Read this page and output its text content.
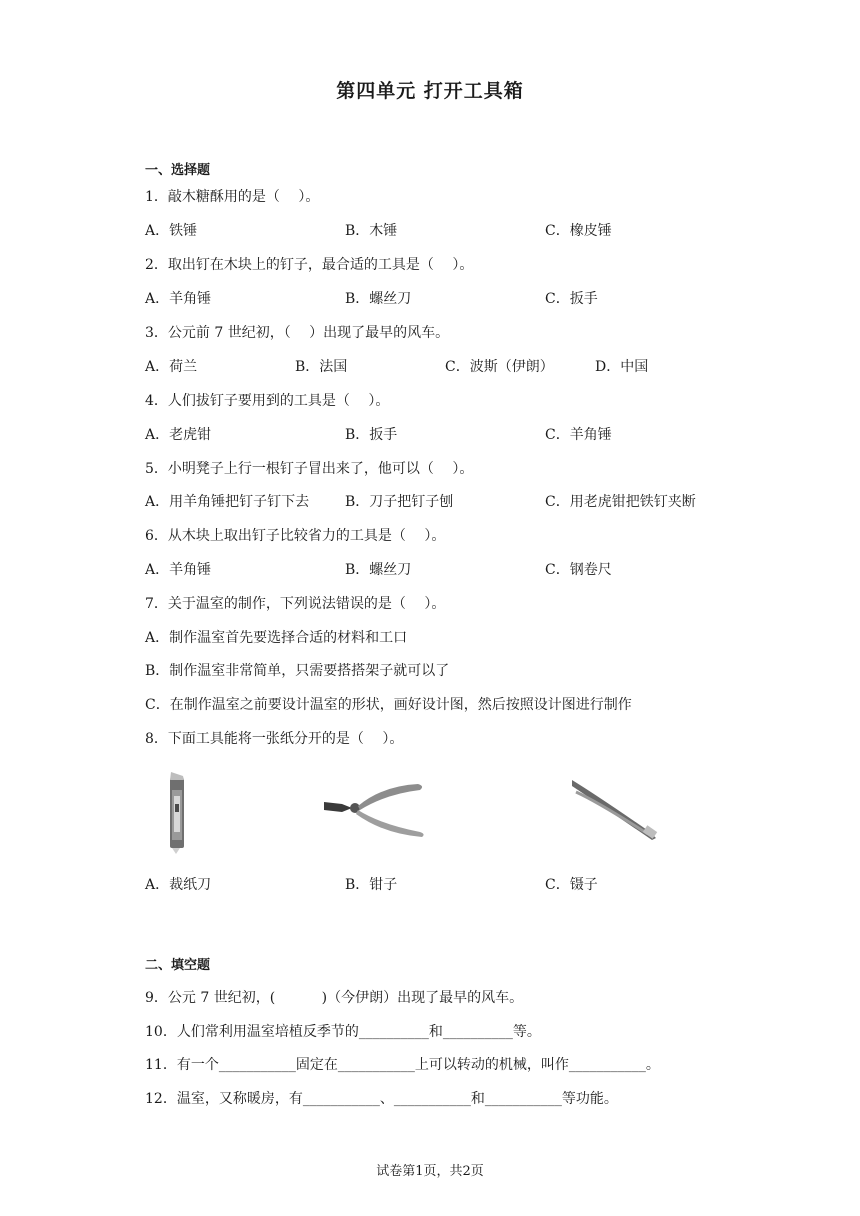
第四单元 打开工具箱
一、选择题
1．敲木糖酥用的是（　 ）。
A．铁锤	B．木锤	C．橡皮锤
2．取出钉在木块上的钉子，最合适的工具是（　 ）。
A．羊角锤	B．螺丝刀	C．扳手
3．公元前 7 世纪初，（　 ）出现了最早的风车。
A．荷兰	B．法国	C．波斯（伊朗）	D．中国
4．人们拔钉子要用到的工具是（　 ）。
A．老虎钳	B．扳手	C．羊角锤
5．小明凳子上行一根钉子冒出来了，他可以（　 ）。
A．用羊角锤把钉子钉下去	B．刀子把钉子刨	C．用老虎钳把铁钉夹断
6．从木块上取出钉子比较省力的工具是（　 ）。
A．羊角锤	B．螺丝刀	C．钢卷尺
7．关于温室的制作，下列说法错误的是（　 ）。
A．制作温室首先要选择合适的材料和工口
B．制作温室非常简单，只需要搭搭架子就可以了
C．在制作温室之前要设计温室的形状，画好设计图，然后按照设计图进行制作
8．下面工具能将一张纸分开的是（　 ）。
A．裁纸刀	B．钳子	C．镊子
二、填空题
9．公元 7 世纪初，(　　　 )（今伊朗）出现了最早的风车。
10．人们常利用温室培植反季节的__________和__________等。
11．有一个___________固定在___________上可以转动的机械，叫作___________。
12．温室，又称暖房，有___________、___________和___________等功能。
试卷第1页，共2页
